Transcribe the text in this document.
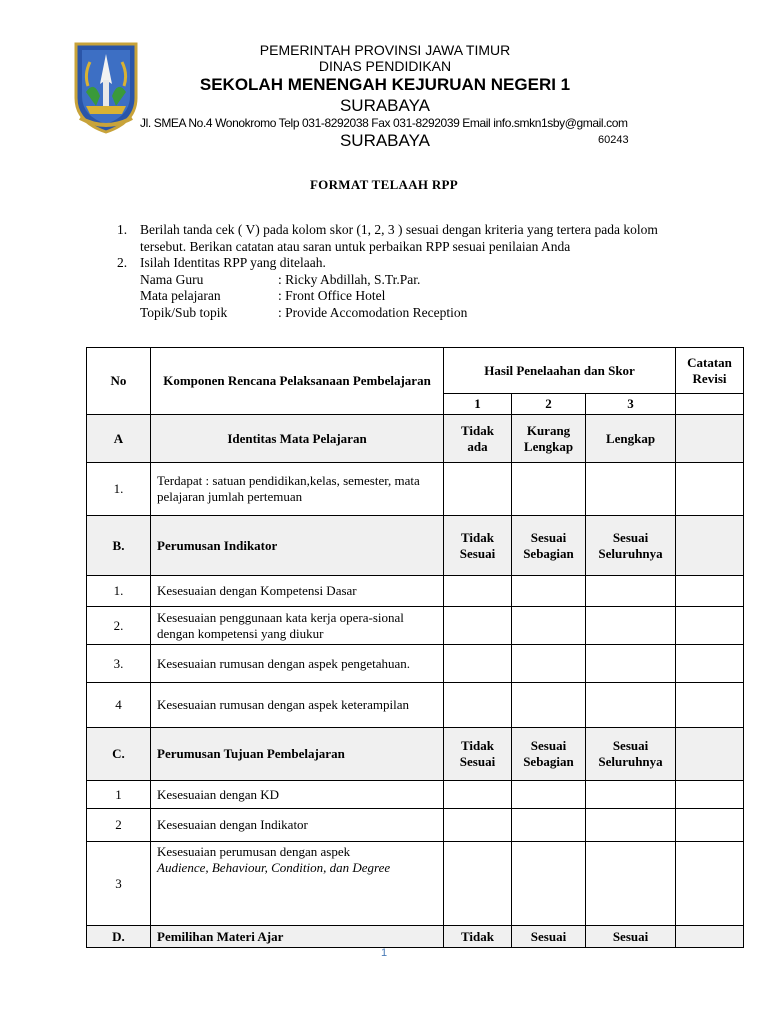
PEMERINTAH PROVINSI JAWA TIMUR
DINAS PENDIDIKAN
SEKOLAH MENENGAH KEJURUAN NEGERI 1
SURABAYA
Jl. SMEA No.4 Wonokromo Telp 031-8292038 Fax 031-8292039 Email info.smkn1sby@gmail.com
SURABAYA	60243
FORMAT TELAAH RPP
1. Berilah tanda cek ( V) pada kolom skor (1, 2, 3 ) sesuai dengan kriteria yang tertera pada kolom tersebut. Berikan catatan atau saran untuk perbaikan RPP sesuai penilaian Anda
2. Isilah Identitas RPP yang ditelaah.
Nama Guru	: Ricky Abdillah, S.Tr.Par.
Mata pelajaran	: Front Office Hotel
Topik/Sub topik	: Provide Accomodation Reception
No	Komponen Rencana Pelaksanaan Pembelajaran	Hasil Penelaahan dan Skor			Catatan Revisi
		1	2	3	
A	Identitas Mata Pelajaran	Tidak ada	Kurang Lengkap	Lengkap	
1.	Terdapat : satuan pendidikan,kelas, semester, mata pelajaran jumlah pertemuan				
B.	Perumusan Indikator	Tidak Sesuai	Sesuai Sebagian	Sesuai Seluruhnya	
1.	Kesesuaian dengan Kompetensi Dasar				
2.	Kesesuaian penggunaan kata kerja opera-sional dengan kompetensi yang diukur				
3.	Kesesuaian rumusan dengan aspek pengetahuan.				
4	Kesesuaian rumusan dengan aspek keterampilan				
C.	Perumusan Tujuan Pembelajaran	Tidak Sesuai	Sesuai Sebagian	Sesuai Seluruhnya	
1	Kesesuaian dengan KD				
2	Kesesuaian dengan Indikator				
3	Kesesuaian perumusan dengan aspek
Audience, Behaviour, Condition, dan Degree				

D.	Pemilihan Materi Ajar	Tidak	Sesuai	Sesuai	
1
